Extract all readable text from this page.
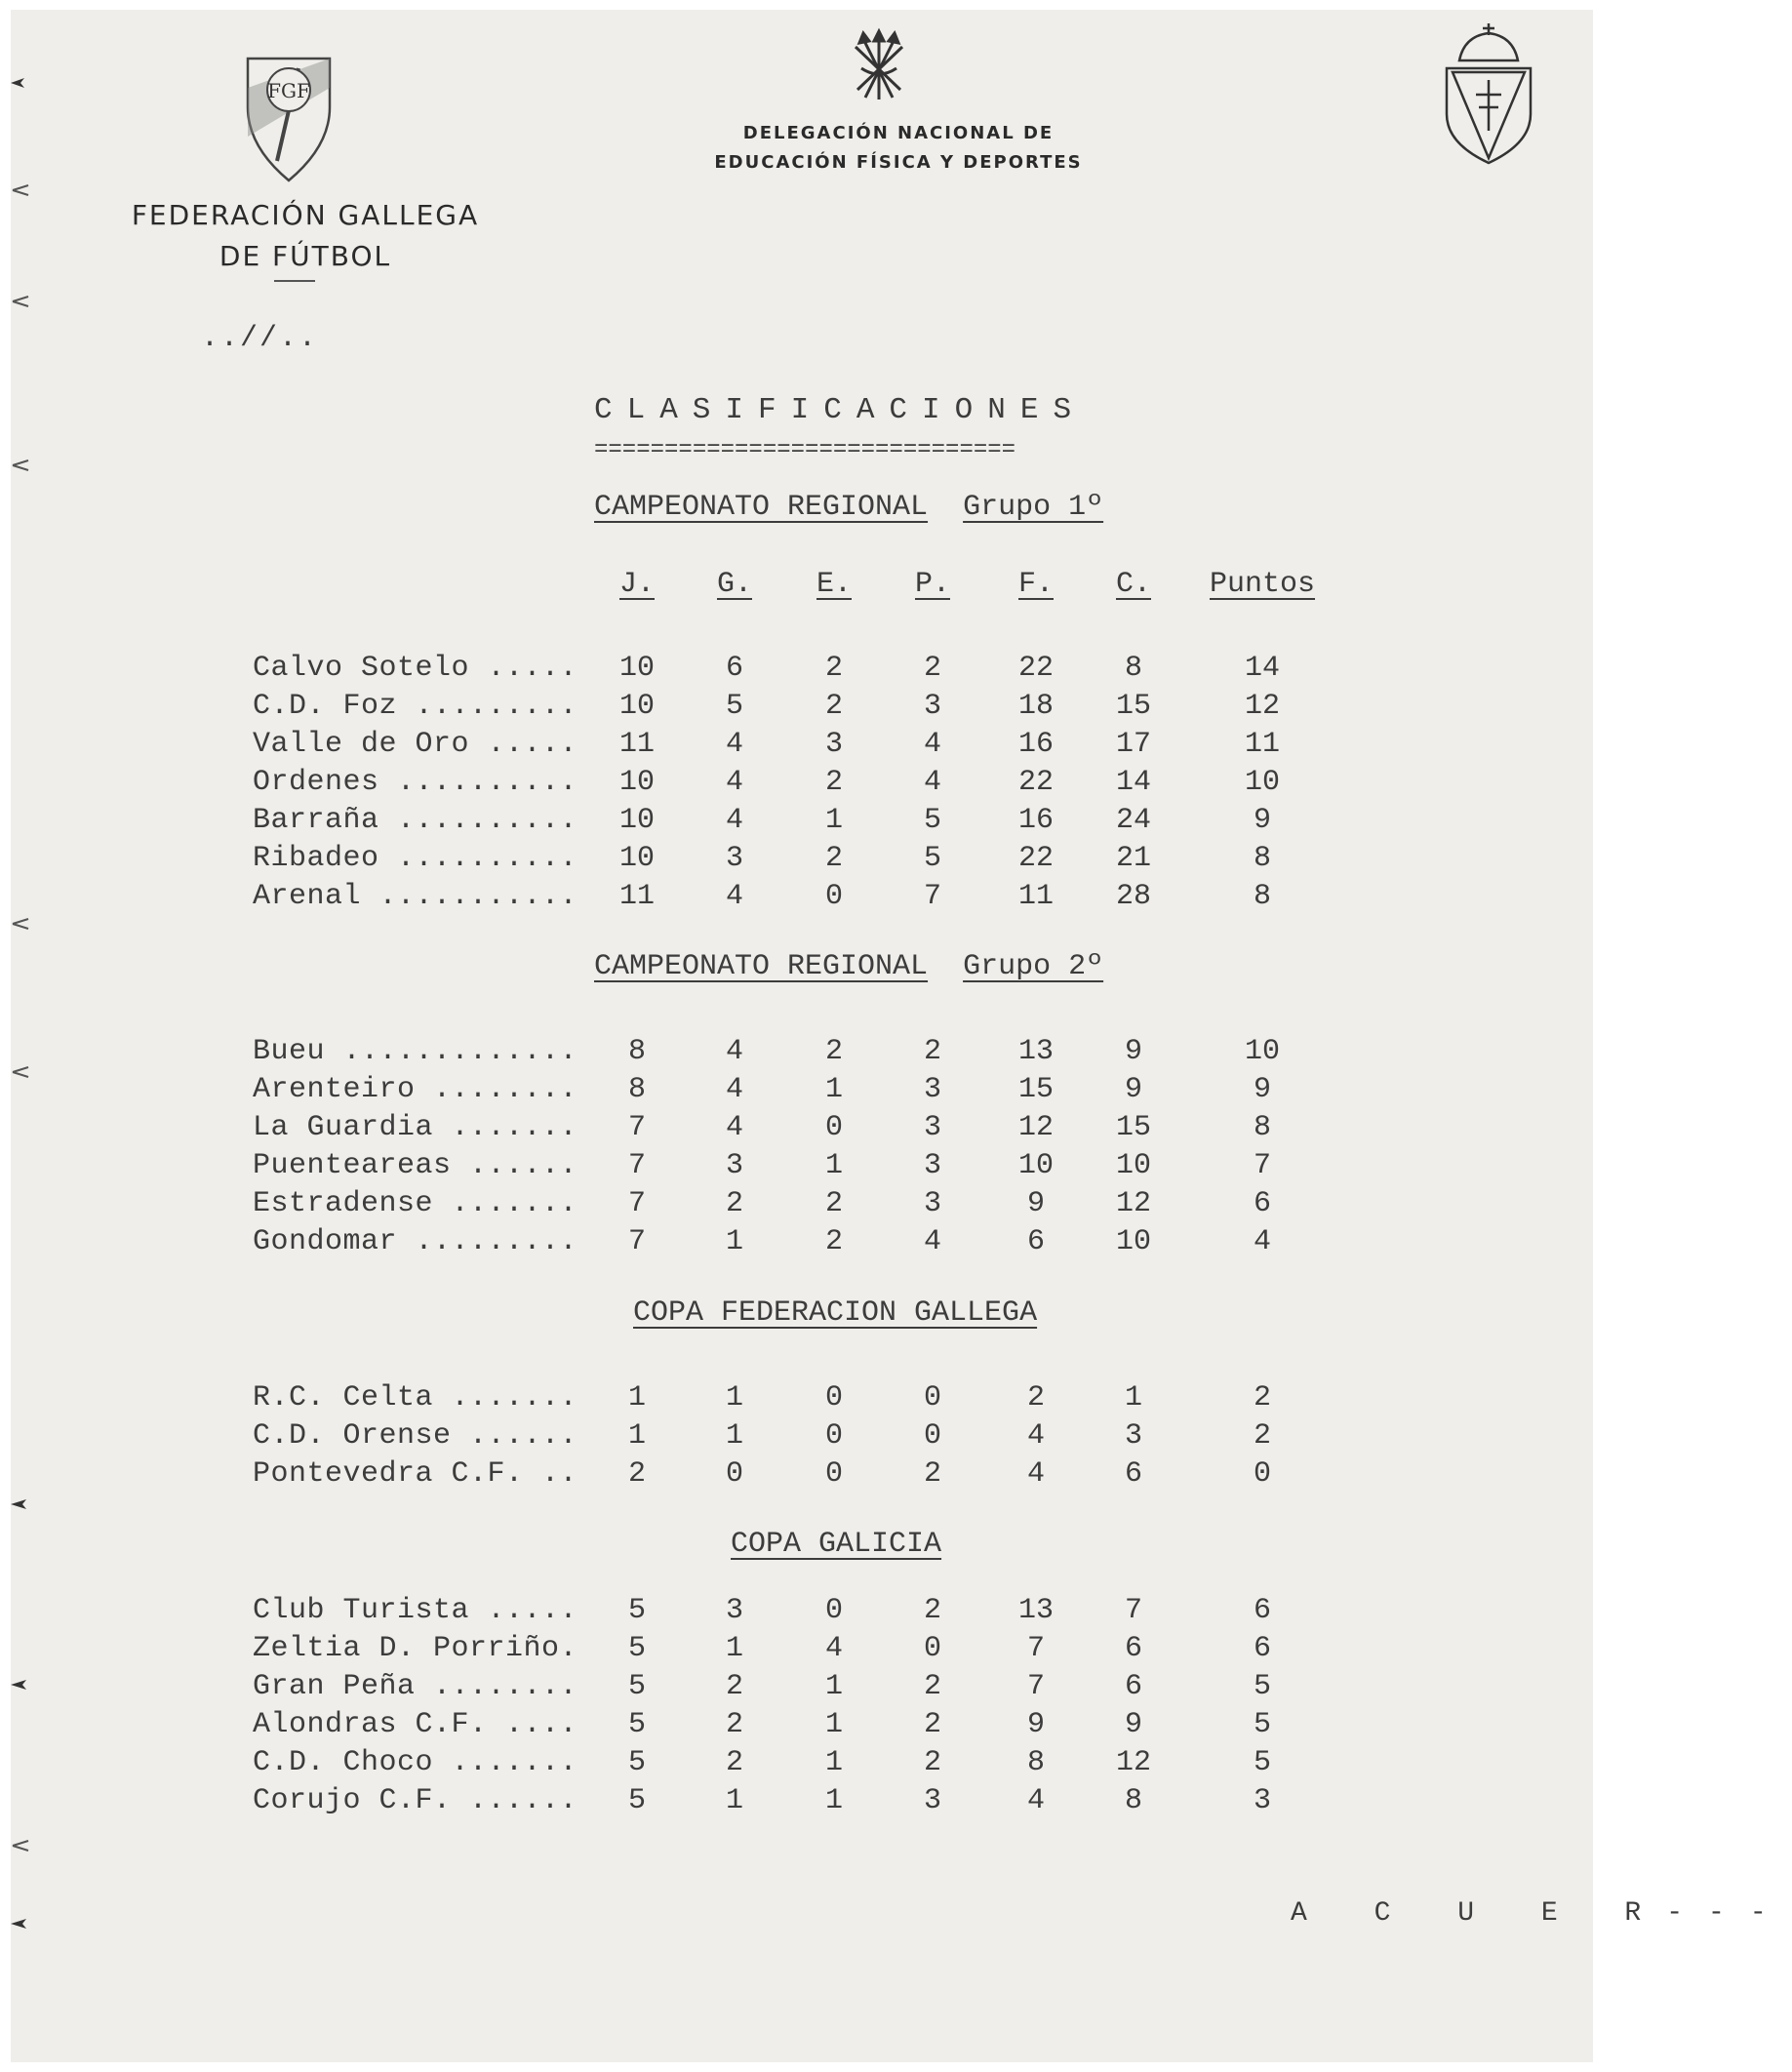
FGF
FEDERACIÓN GALLEGA
DE FÚTBOL
DELEGACIÓN NACIONAL DE
EDUCACIÓN FÍSICA Y DEPORTES
..//..
CLASIFICACIONES
==============================
CAMPEONATO REGIONAL Grupo 1º
J.	G.	E.	P.	F.	C.	Puntos
Calvo Sotelo .....	10	6	2	2	22	8	14
C.D. Foz .........	10	5	2	3	18	15	12
Valle de Oro .....	11	4	3	4	16	17	11
Ordenes ..........	10	4	2	4	22	14	10
Barraña ..........	10	4	1	5	16	24	9
Ribadeo ..........	10	3	2	5	22	21	8
Arenal ...........	11	4	0	7	11	28	8
CAMPEONATO REGIONAL Grupo 2º
Bueu .............	8	4	2	2	13	9	10
Arenteiro ........	8	4	1	3	15	9	9
La Guardia .......	7	4	0	3	12	15	8
Puenteareas ......	7	3	1	3	10	10	7
Estradense .......	7	2	2	3	9	12	6
Gondomar .........	7	1	2	4	6	10	4
COPA FEDERACION GALLEGA
R.C. Celta .......	1	1	0	0	2	1	2
C.D. Orense ......	1	1	0	0	4	3	2
Pontevedra C.F. ..	2	0	0	2	4	6	0
COPA GALICIA
Club Turista .....	5	3	0	2	13	7	6
Zeltia D. Porriño.	5	1	4	0	7	6	6
Gran Peña ........	5	2	1	2	7	6	5
Alondras C.F. ....	5	2	1	2	9	9	5
C.D. Choco .......	5	2	1	2	8	12	5
Corujo C.F. ......	5	1	1	3	4	8	3
A C U E R---
